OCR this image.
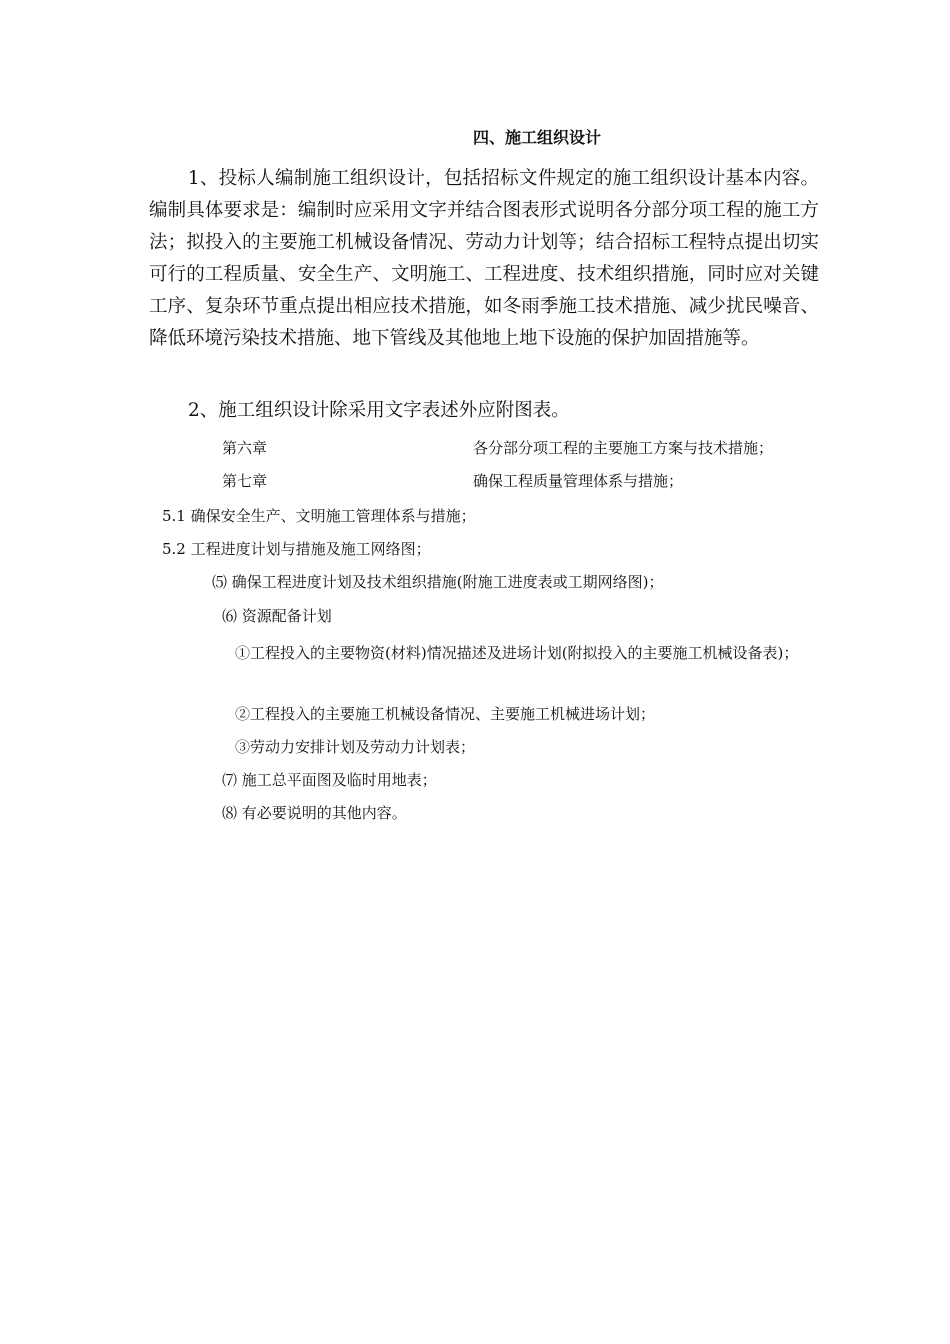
四、施工组织设计

1、投标人编制施工组织设计，包括招标文件规定的施工组织设计基本内容。编制具体要求是：编制时应采用文字并结合图表形式说明各分部分项工程的施工方法；拟投入的主要施工机械设备情况、劳动力计划等；结合招标工程特点提出切实可行的工程质量、安全生产、文明施工、工程进度、技术组织措施，同时应对关键工序、复杂环节重点提出相应技术措施，如冬雨季施工技术措施、减少扰民噪音、降低环境污染技术措施、地下管线及其他地上地下设施的保护加固措施等。

2、施工组织设计除采用文字表述外应附图表。

第六章	各分部分项工程的主要施工方案与技术措施；
第七章	确保工程质量管理体系与措施；
5.1 确保安全生产、文明施工管理体系与措施；
5.2 工程进度计划与措施及施工网络图；
⑸ 确保工程进度计划及技术组织措施(附施工进度表或工期网络图)；
⑹ 资源配备计划

①工程投入的主要物资(材料)情况描述及进场计划(附拟投入的主要施工机械设备表)；

②工程投入的主要施工机械设备情况、主要施工机械进场计划；
③劳动力安排计划及劳动力计划表；
⑺ 施工总平面图及临时用地表；
⑻ 有必要说明的其他内容。
